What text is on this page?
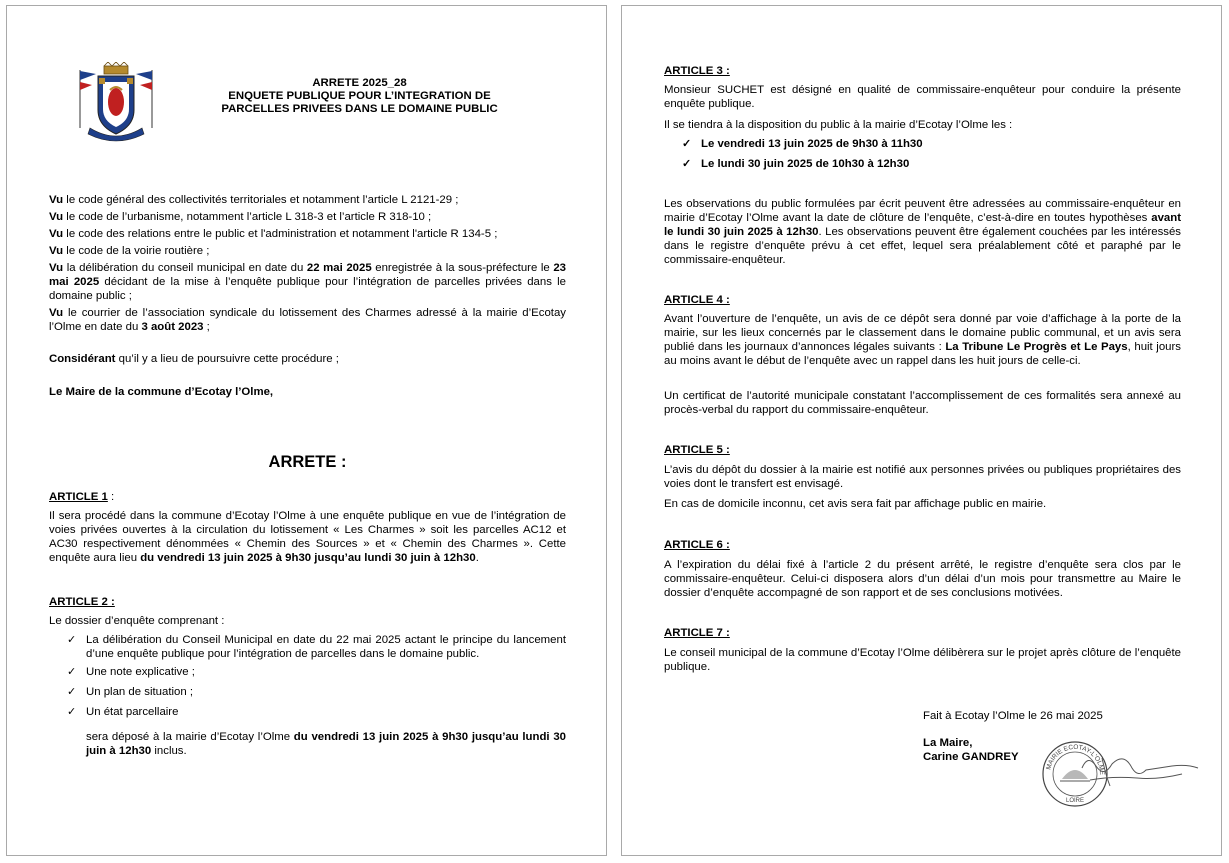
ARRETE 2025_28
ENQUETE PUBLIQUE POUR L’INTEGRATION DE
PARCELLES PRIVEES DANS LE DOMAINE PUBLIC
Vu le code général des collectivités territoriales et notamment l’article L 2121-29 ;
Vu le code de l’urbanisme, notamment l’article L 318-3 et l’article R 318-10 ;
Vu le code des relations entre le public et l'administration et notamment l'article R 134-5 ;
Vu le code de la voirie routière ;
Vu la délibération du conseil municipal en date du 22 mai 2025 enregistrée à la sous-préfecture le 23 mai 2025 décidant de la mise à l’enquête publique pour l’intégration de parcelles privées dans le domaine public ;
Vu le courrier de l’association syndicale du lotissement des Charmes adressé à la mairie d’Ecotay l’Olme en date du 3 août 2023 ;
Considérant qu’il y a lieu de poursuivre cette procédure ;
Le Maire de la commune d’Ecotay l’Olme,
ARRETE :
ARTICLE 1 :
Il sera procédé dans la commune d’Ecotay l’Olme à une enquête publique en vue de l’intégration de voies privées ouvertes à la circulation du lotissement « Les Charmes » soit les parcelles AC12 et AC30 respectivement dénommées « Chemin des Sources » et « Chemin des Charmes ». Cette enquête aura lieu du vendredi 13 juin 2025 à 9h30 jusqu’au lundi 30 juin à 12h30.
ARTICLE 2 :
Le dossier d’enquête comprenant :
✓ La délibération du Conseil Municipal en date du 22 mai 2025 actant le principe du lancement d’une enquête publique pour l’intégration de parcelles dans le domaine public.
✓ Une note explicative ;
✓ Un plan de situation ;
✓ Un état parcellaire
sera déposé à la mairie d’Ecotay l’Olme du vendredi 13 juin 2025 à 9h30 jusqu’au lundi 30 juin à 12h30 inclus.
ARTICLE 3 :
Monsieur SUCHET est désigné en qualité de commissaire-enquêteur pour conduire la présente enquête publique.
Il se tiendra à la disposition du public à la mairie d’Ecotay l’Olme les :
✓ Le vendredi 13 juin 2025 de 9h30 à 11h30
✓ Le lundi 30 juin 2025 de 10h30 à 12h30
Les observations du public formulées par écrit peuvent être adressées au commissaire-enquêteur en mairie d’Ecotay l’Olme avant la date de clôture de l’enquête, c’est-à-dire en toutes hypothèses avant le lundi 30 juin 2025 à 12h30. Les observations peuvent être également couchées par les intéressés dans le registre d’enquête prévu à cet effet, lequel sera préalablement côté et paraphé par le commissaire-enquêteur.
ARTICLE 4 :
Avant l’ouverture de l’enquête, un avis de ce dépôt sera donné par voie d’affichage à la porte de la mairie, sur les lieux concernés par le classement dans le domaine public communal, et un avis sera publié dans les journaux d’annonces légales suivants : La Tribune Le Progrès et Le Pays, huit jours au moins avant le début de l’enquête avec un rappel dans les huit jours de celle-ci.
Un certificat de l’autorité municipale constatant l’accomplissement de ces formalités sera annexé au procès-verbal du rapport du commissaire-enquêteur.
ARTICLE 5 :
L’avis du dépôt du dossier à la mairie est notifié aux personnes privées ou publiques propriétaires des voies dont le transfert est envisagé.
En cas de domicile inconnu, cet avis sera fait par affichage public en mairie.
ARTICLE 6 :
A l’expiration du délai fixé à l’article 2 du présent arrêté, le registre d’enquête sera clos par le commissaire-enquêteur. Celui-ci disposera alors d’un délai d’un mois pour transmettre au Maire le dossier d’enquête accompagné de son rapport et de ses conclusions motivées.
ARTICLE 7 :
Le conseil municipal de la commune d’Ecotay l’Olme délibèrera sur le projet après clôture de l’enquête publique.
Fait à Ecotay l’Olme le 26 mai 2025
La Maire,
Carine GANDREY
MAIRIE ECOTAY-L'OLME
LOIRE
